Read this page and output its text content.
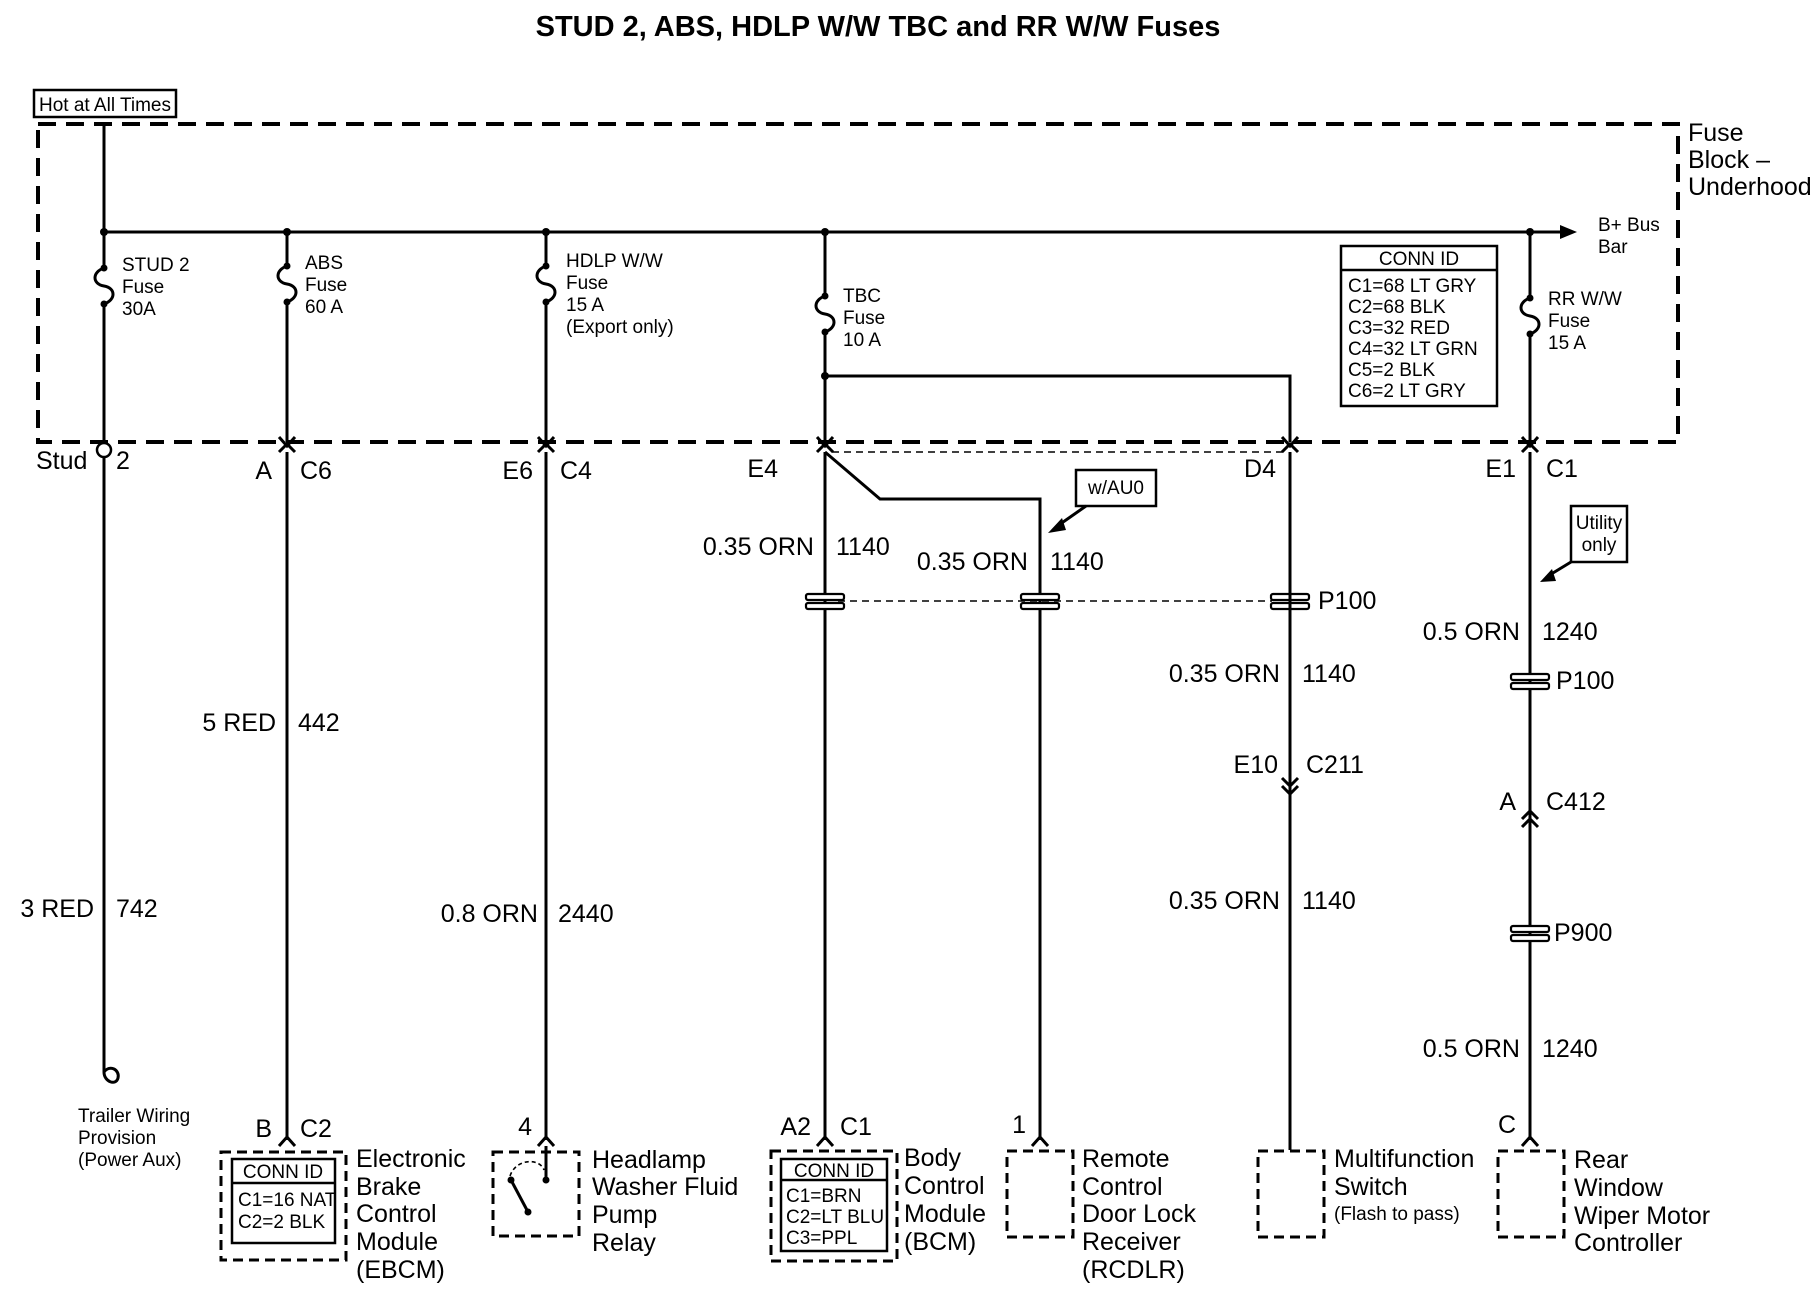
STUD 2, ABS, HDLP W/W TBC and RR W/W Fuses
Hot at All Times
Fuse
Block –
Underhood
B+ Bus
Bar
STUD 2
Fuse
30A
ABS
Fuse
60 A
HDLP W/W
Fuse
15 A
(Export only)
TBC
Fuse
10 A
RR W/W
Fuse
15 A
CONN ID
C1=68 LT GRY
C2=68 BLK
C3=32 RED
C4=32 LT GRN
C5=2 BLK
C6=2 LT GRY
Stud 2	A C6	E6 C4	E4	D4	E1 C1
3 RED 742
Trailer Wiring
Provision
(Power Aux)
5 RED 442
B C2
CONN ID
C1=16 NAT
C2=2 BLK
Electronic
Brake
Control
Module
(EBCM)
0.8 ORN 2440
4
Headlamp
Washer Fluid
Pump
Relay
0.35 ORN 1140
0.35 ORN 1140
w/AU0
P100
A2 C1
CONN ID
C1=BRN
C2=LT BLU
C3=PPL
Body
Control
Module
(BCM)
1
Remote
Control
Door Lock
Receiver
(RCDLR)
0.35 ORN 1140
E10 C211
0.35 ORN 1140
Multifunction
Switch
(Flash to pass)
Utility
only
0.5 ORN 1240
P100
A C412
P900
0.5 ORN 1240
C
Rear
Window
Wiper Motor
Controller
